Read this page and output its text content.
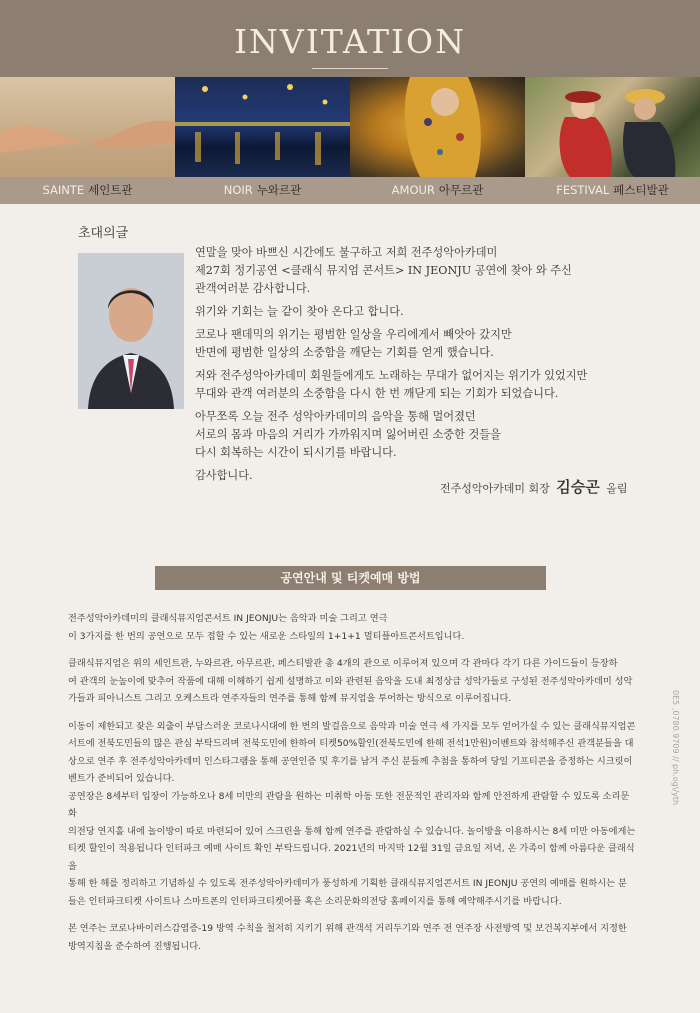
INVITATION
SAINTE 세인트관	NOIR 누와르관	AMOUR 아무르관	FESTIVAL 페스티발관
초대의글

연말을 맞아 바쁘신 시간에도 불구하고 저희 전주성악아카데미
제27회 정기공연 <클래식 뮤지엄 콘서트> IN JEONJU 공연에 찾아 와 주신
관객여러분 감사합니다.

위기와 기회는 늘 같이 찾아 온다고 합니다.

코로나 팬데믹의 위기는 평범한 일상을 우리에게서 빼앗아 갔지만
반면에 평범한 일상의 소중함을 깨닫는 기회를 얻게 했습니다.

저와 전주성악아카데미 회원들에게도 노래하는 무대가 없어지는 위기가 있었지만
무대와 관객 여러분의 소중함을 다시 한 번 깨닫게 되는 기회가 되었습니다.

아무쪼록 오늘 전주 성악아카데미의 음악을 통해 멀어졌던
서로의 몸과 마음의 거리가 가까워지며 잃어버린 소중한 것들을
다시 회복하는 시간이 되시기를 바랍니다.

감사합니다.

전주성악아카데미 회장 김승곤 올림
공연안내 및 티켓예매 방법

전주성악아카데미의 클래식뮤지엄콘서트 IN JEONJU는 음악과 미술 그리고 연극
이 3가지를 한 번의 공연으로 모두 접할 수 있는 새로운 스타일의 1+1+1 멀티플아트콘서트입니다.

클래식뮤지엄은 위의 세인트관, 누와르관, 아무르관, 페스티발관 총 4개의 관으로 이루어져 있으며 각 관마다 각기 다른 가이드들이 등장하
여 관객의 눈높이에 맞추어 작품에 대해 이해하기 쉽게 설명하고 이와 관련된 음악을 도내 최정상급 성악가들로 구성된 전주성악아카데미 성악
가들과 피아니스트 그리고 오케스트라 연주자들의 연주를 통해 함께 뮤지엄을 투어하는 방식으로 이루어집니다.

이동이 제한되고 잦은 외출이 부담스러운 코로나시대에 한 번의 발걸음으로 음악과 미술 연극 세 가지를 모두 얻어가실 수 있는 클래식뮤지엄콘
서트에 전북도민들의 많은 관심 부탁드리며 전북도민에 한하여 티켓50%할인(전북도민에 한해 전석1만원)이벤트와 참석해주신 관객분들을 대
상으로 연주 후 전주성악아카데미 인스타그램을 통해 공연인증 및 후기를 남겨 주신 분들께 추첨을 통하여 당일 기프티콘을 증정하는 시크릿이
벤트가 준비되어 있습니다.
공연장은 8세부터 입장이 가능하오나 8세 미만의 관람을 원하는 미취학 아동 또한 전문적인 관리자와 함께 안전하게 관람할 수 있도록 소리문화
의전당 연지홀 내에 놀이방이 따로 마련되어 있어 스크린을 통해 함께 연주를 관람하실 수 있습니다. 놀이방을 이용하시는 8세 미만 아동에게는
티켓 할인이 적용됩니다 인터파크 예매 사이트 확인 부탁드립니다. 2021년의 마지막 12월 31일 금요일 저녁, 온 가족이 함께 아름다운 클래식을
통해 한 해를 정리하고 기념하실 수 있도록 전주성악아카데미가 풍성하게 기획한 클래식뮤지엄콘서트 IN JEONJU 공연의 예매를 원하시는 분
들은 인터파크티켓 사이트나 스마트폰의 인터파크티켓어플 혹은 소리문화의전당 홈페이지를 통해 예약해주시기를 바랍니다.

본 연주는 코로나바이러스감염증-19 방역 수칙을 철저히 지키기 위해 관객석 거리두기와 연주 전 연주장 사전방역 및 보건복지부에서 지정한
방역지침을 준수하여 진행됩니다.

0E5 ,0780.9709 // ph.og\/yth
